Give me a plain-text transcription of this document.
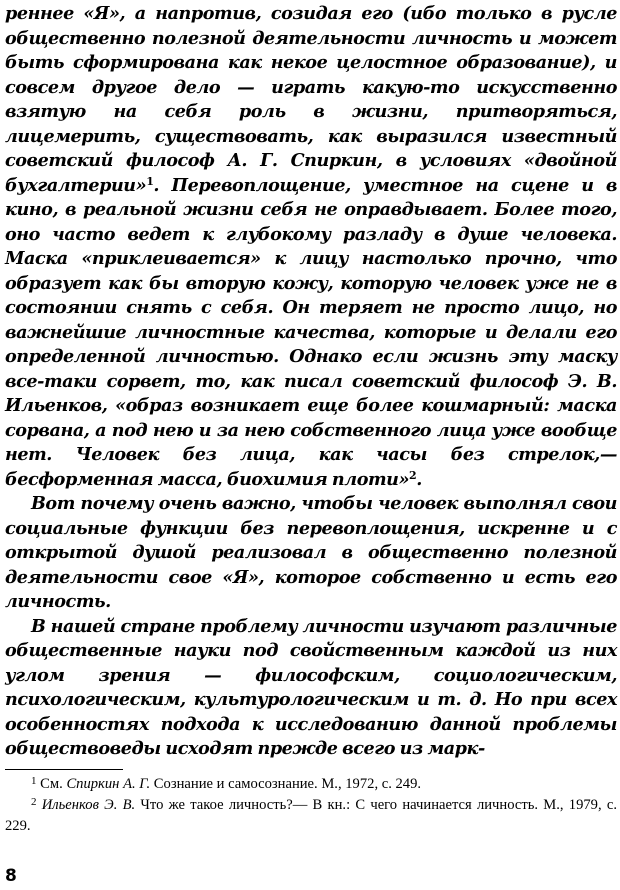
реннее «Я», а напротив, созидая его (ибо только в русле общественно полезной деятельности личность и может быть сформирована как некое целостное образование), и совсем другое дело — играть какую-то искусственно взятую на себя роль в жизни, притворяться, лицемерить, существовать, как выразился известный советский философ А. Г. Спиркин, в условиях «двойной бухгалтерии»$^1$. Перевоплощение, уместное на сцене и в кино, в реальной жизни себя не оправдывает. Более того, оно часто ведет к глубокому разладу в душе человека. Маска «приклеивается» к лицу настолько прочно, что образует как бы вторую кожу, которую человек уже не в состоянии снять с себя. Он теряет не просто лицо, но важнейшие личностные качества, которые и делали его определенной личностью. Однако если жизнь эту маску все-таки сорвет, то, как писал советский философ Э. В. Ильенков, «образ возникает еще более кошмарный: маска сорвана, а под нею и за нею собственного лица уже вообще нет. Человек без лица, как часы без стрелок,— бесформенная масса, биохимия плоти»$^2$.

Вот почему очень важно, чтобы человек выполнял свои социальные функции без перевоплощения, искренне и с открытой душой реализовал в общественно полезной деятельности свое «Я», которое собственно и есть его личность.

В нашей стране проблему личности изучают различные общественные науки под свойственным каждой из них углом зрения — философским, социологическим, психологическим, культурологическим и т. д. Но при всех особенностях подхода к исследованию данной проблемы обществоведы исходят прежде всего из марк-

$^1$ См. Спиркин А. Г. Сознание и самосознание. М., 1972, с. 249.

$^2$ Ильенков Э. В. Что же такое личность?— В кн.: С чего начинается личность. М., 1979, с. 229.

8
